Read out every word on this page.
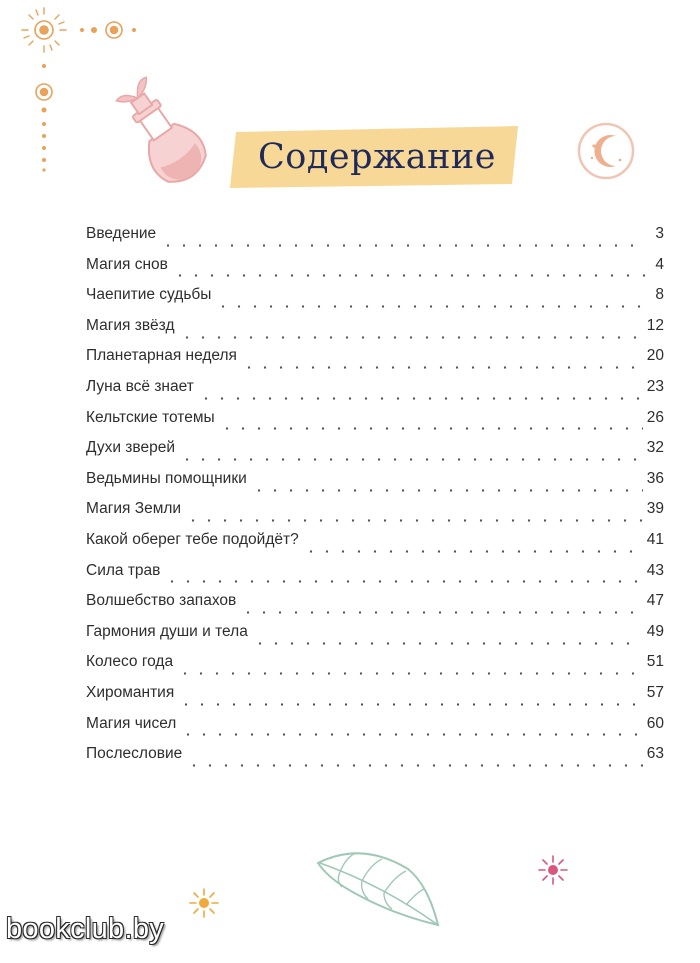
Содержание
Введение	3
Магия снов	4
Чаепитие судьбы	8
Магия звёзд	12
Планетарная неделя	20
Луна всё знает	23
Кельтские тотемы	26
Духи зверей	32
Ведьмины помощники	36
Магия Земли	39
Какой оберег тебе подойдёт?	41
Сила трав	43
Волшебство запахов	47
Гармония души и тела	49
Колесо года	51
Хиромантия	57
Магия чисел	60
Послесловие	63
bookclub.by
